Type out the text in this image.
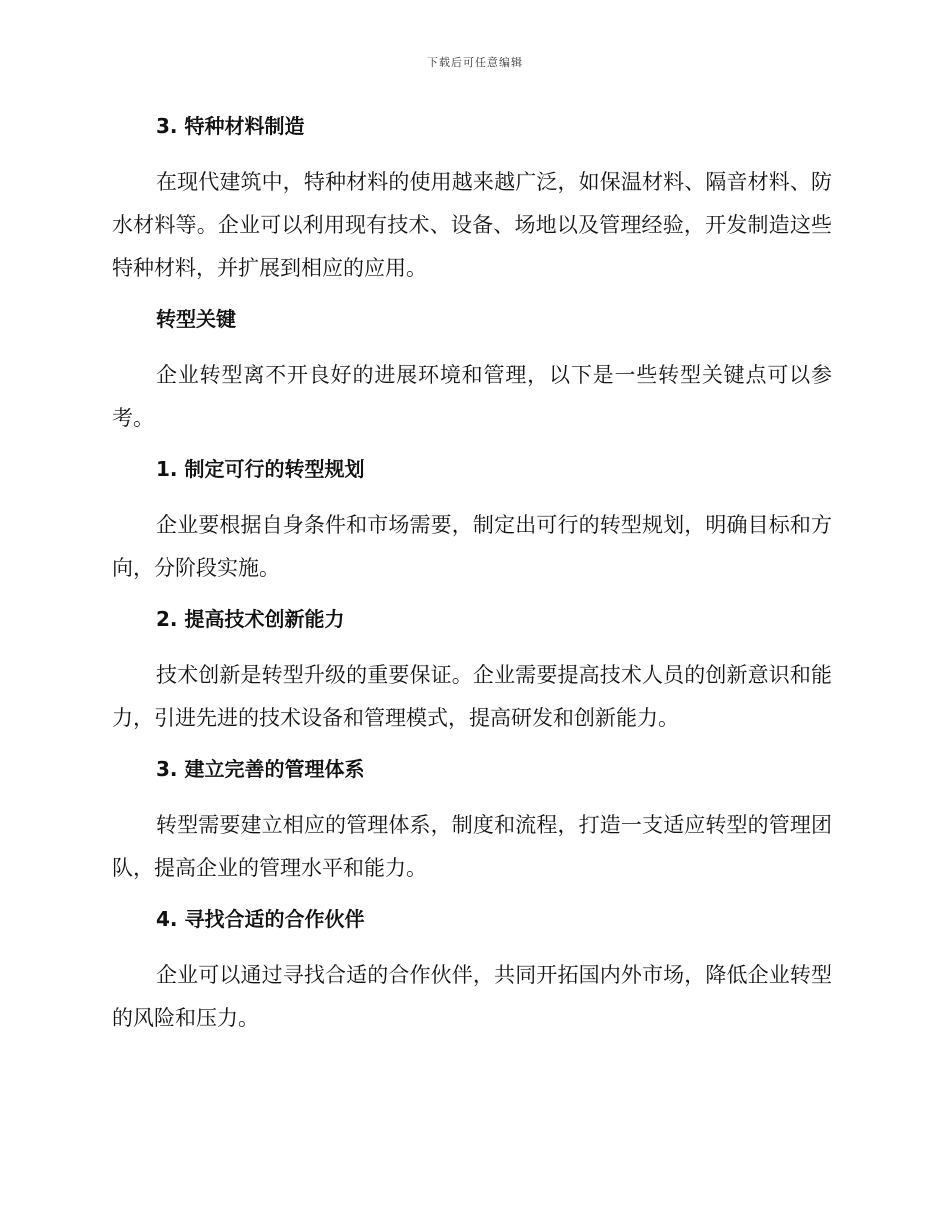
下载后可任意编辑
3. 特种材料制造

在现代建筑中，特种材料的使用越来越广泛，如保温材料、隔音材料、防水材料等。企业可以利用现有技术、设备、场地以及管理经验，开发制造这些特种材料，并扩展到相应的应用。

转型关键

企业转型离不开良好的进展环境和管理，以下是一些转型关键点可以参考。

1. 制定可行的转型规划

企业要根据自身条件和市场需要，制定出可行的转型规划，明确目标和方向，分阶段实施。

2. 提高技术创新能力

技术创新是转型升级的重要保证。企业需要提高技术人员的创新意识和能力，引进先进的技术设备和管理模式，提高研发和创新能力。

3. 建立完善的管理体系

转型需要建立相应的管理体系，制度和流程，打造一支适应转型的管理团队，提高企业的管理水平和能力。

4. 寻找合适的合作伙伴

企业可以通过寻找合适的合作伙伴，共同开拓国内外市场，降低企业转型的风险和压力。
